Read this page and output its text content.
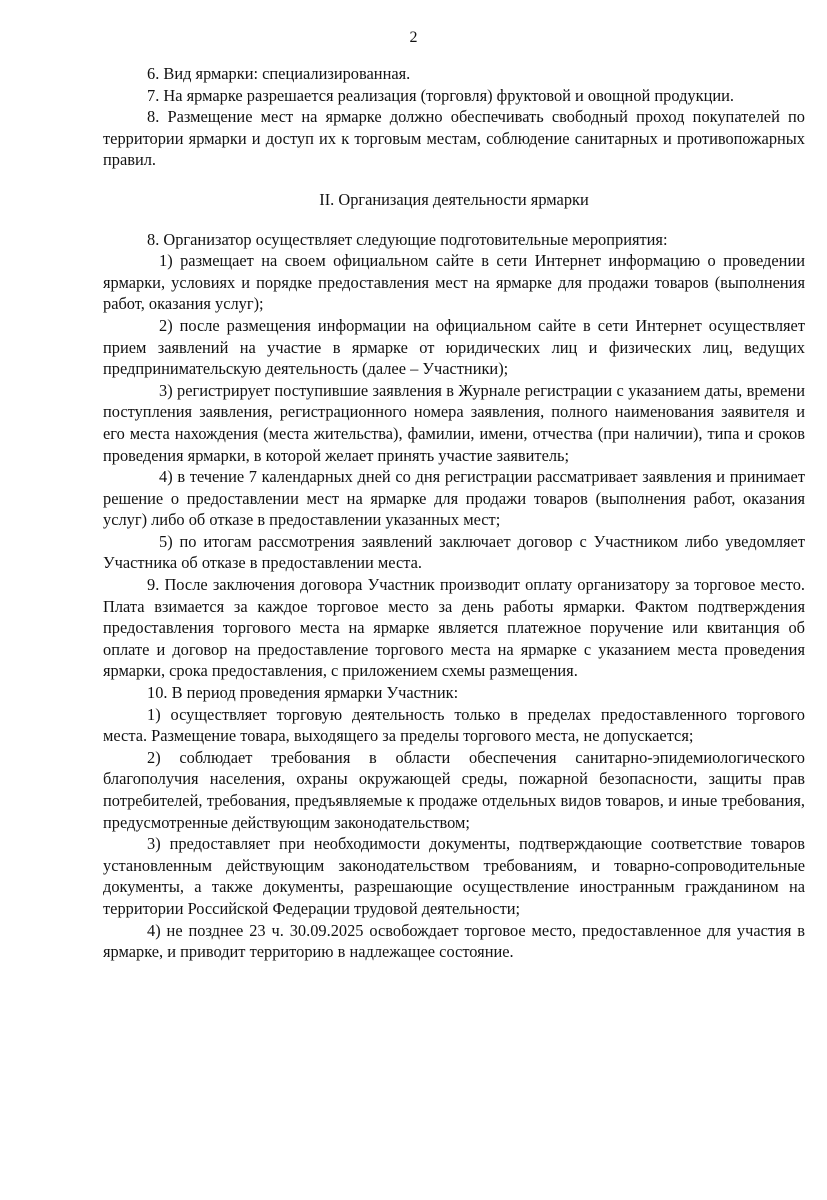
2

6. Вид ярмарки: специализированная.

7. На ярмарке разрешается реализация (торговля) фруктовой и овощной продукции.

8. Размещение мест на ярмарке должно обеспечивать свободный проход покупателей по территории ярмарки и доступ их к торговым местам, соблюдение санитарных и противопожарных правил.

II. Организация деятельности ярмарки

8. Организатор осуществляет следующие подготовительные мероприятия:

1) размещает на своем официальном сайте в сети Интернет информацию о проведении ярмарки, условиях и порядке предоставления мест на ярмарке для продажи товаров (выполнения работ, оказания услуг);

2) после размещения информации на официальном сайте в сети Интернет осуществляет прием заявлений на участие в ярмарке от юридических лиц и физических лиц, ведущих предпринимательскую деятельность (далее – Участники);

3) регистрирует поступившие заявления в Журнале регистрации с указанием даты, времени поступления заявления, регистрационного номера заявления, полного наименования заявителя и его места нахождения (места жительства), фамилии, имени, отчества (при наличии), типа и сроков проведения ярмарки, в которой желает принять участие заявитель;

4) в течение 7 календарных дней со дня регистрации рассматривает заявления и принимает решение о предоставлении мест на ярмарке для продажи товаров (выполнения работ, оказания услуг) либо об отказе в предоставлении указанных мест;

5) по итогам рассмотрения заявлений заключает договор с Участником либо уведомляет Участника об отказе в предоставлении места.

9. После заключения договора Участник производит оплату организатору за торговое место. Плата взимается за каждое торговое место за день работы ярмарки. Фактом подтверждения предоставления торгового места на ярмарке является платежное поручение или квитанция об оплате и договор на предоставление торгового места на ярмарке с указанием места проведения ярмарки, срока предоставления, с приложением схемы размещения.

10. В период проведения ярмарки Участник:

1) осуществляет торговую деятельность только в пределах предоставленного торгового места. Размещение товара, выходящего за пределы торгового места, не допускается;

2) соблюдает требования в области обеспечения санитарно-эпидемиологического благополучия населения, охраны окружающей среды, пожарной безопасности, защиты прав потребителей, требования, предъявляемые к продаже отдельных видов товаров, и иные требования, предусмотренные действующим законодательством;

3) предоставляет при необходимости документы, подтверждающие соответствие товаров установленным действующим законодательством требованиям, и товарно-сопроводительные документы, а также документы, разрешающие осуществление иностранным гражданином на территории Российской Федерации трудовой деятельности;

4) не позднее 23 ч. 30.09.2025 освобождает торговое место, предоставленное для участия в ярмарке, и приводит территорию в надлежащее состояние.
